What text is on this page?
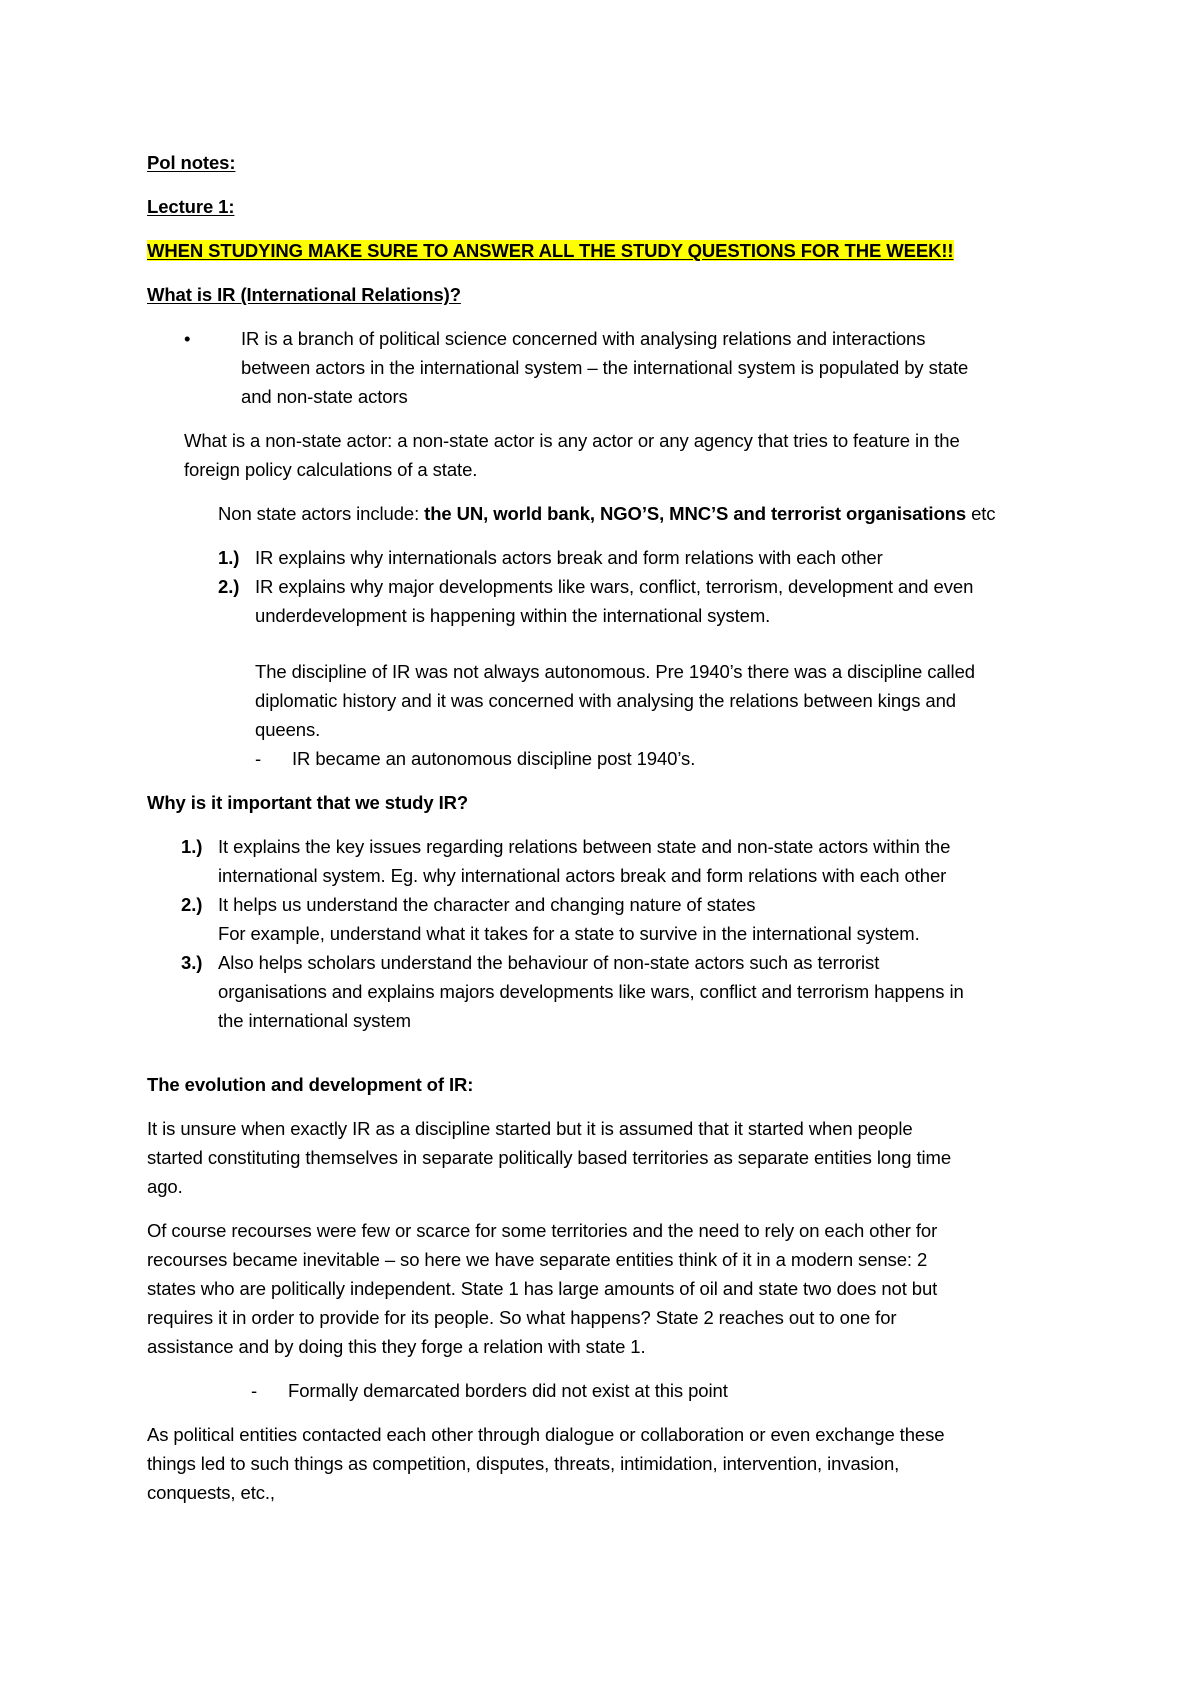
Pol notes:

Lecture 1:

WHEN STUDYING MAKE SURE TO ANSWER ALL THE STUDY QUESTIONS FOR THE WEEK!!

What is IR (International Relations)?

•	IR is a branch of political science concerned with analysing relations and interactions

between actors in the international system – the international system is populated by state

and non-state actors

What is a non-state actor: a non-state actor is any actor or any agency that tries to feature in the

foreign policy calculations of a state.

Non state actors include: the UN, world bank, NGO’S, MNC’S and terrorist organisations etc

1.) IR explains why internationals actors break and form relations with each other

2.) IR explains why major developments like wars, conflict, terrorism, development and even

underdevelopment is happening within the international system.

The discipline of IR was not always autonomous. Pre 1940’s there was a discipline called

diplomatic history and it was concerned with analysing the relations between kings and

queens.

-	IR became an autonomous discipline post 1940’s.

Why is it important that we study IR?

1.) It explains the key issues regarding relations between state and non-state actors within the

international system. Eg. why international actors break and form relations with each other

2.) It helps us understand the character and changing nature of states

For example, understand what it takes for a state to survive in the international system.

3.) Also helps scholars understand the behaviour of non-state actors such as terrorist

organisations and explains majors developments like wars, conflict and terrorism happens in

the international system

The evolution and development of IR:

It is unsure when exactly IR as a discipline started but it is assumed that it started when people

started constituting themselves in separate politically based territories as separate entities long time

ago.

Of course recourses were few or scarce for some territories and the need to rely on each other for

recourses became inevitable – so here we have separate entities think of it in a modern sense: 2

states who are politically independent. State 1 has large amounts of oil and state two does not but

requires it in order to provide for its people. So what happens? State 2 reaches out to one for

assistance and by doing this they forge a relation with state 1.

-	Formally demarcated borders did not exist at this point

As political entities contacted each other through dialogue or collaboration or even exchange these

things led to such things as competition, disputes, threats, intimidation, intervention, invasion,

conquests, etc.,
